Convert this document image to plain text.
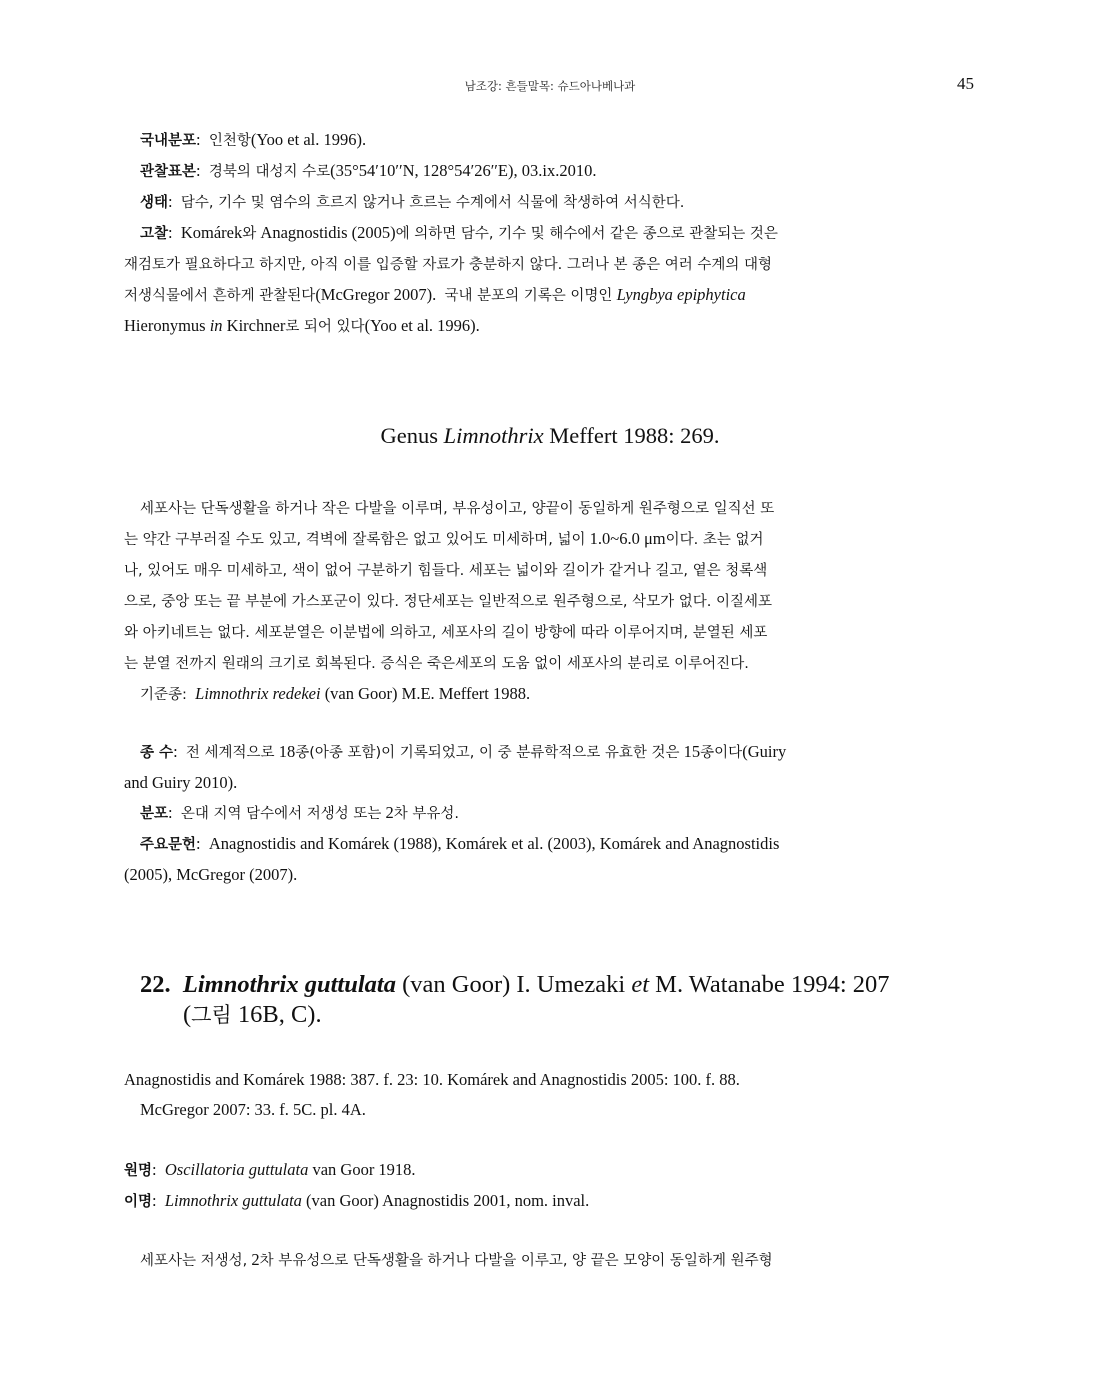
남조강: 흔들말목: 슈드아나베나과	45

국내분포:  인천항(Yoo et al. 1996).

관찰표본:  경북의 대성지 수로(35°54′10′′N, 128°54′26′′E), 03.ix.2010.

생태:  담수, 기수 및 염수의 흐르지 않거나 흐르는 수계에서 식물에 착생하여 서식한다.

고찰:  Komárek와 Anagnostidis (2005)에 의하면 담수, 기수 및 해수에서 같은 종으로 관찰되는 것은
재검토가 필요하다고 하지만, 아직 이를 입증할 자료가 충분하지 않다. 그러나 본 종은 여러 수계의 대형
저생식물에서 흔하게 관찰된다(McGregor 2007). 국내 분포의 기록은 이명인 Lyngbya epiphytica
Hieronymus in Kirchner로 되어 있다(Yoo et al. 1996).

Genus Limnothrix Meffert 1988: 269.

세포사는 단독생활을 하거나 작은 다발을 이루며, 부유성이고, 양끝이 동일하게 원주형으로 일직선 또
는 약간 구부러질 수도 있고, 격벽에 잘록함은 없고 있어도 미세하며, 넓이 1.0~6.0 μm이다. 초는 없거
나, 있어도 매우 미세하고, 색이 없어 구분하기 힘들다. 세포는 넓이와 길이가 같거나 길고, 옅은 청록색
으로, 중앙 또는 끝 부분에 가스포군이 있다. 정단세포는 일반적으로 원주형으로, 삭모가 없다. 이질세포
와 아키네트는 없다. 세포분열은 이분법에 의하고, 세포사의 길이 방향에 따라 이루어지며, 분열된 세포
는 분열 전까지 원래의 크기로 회복된다. 증식은 죽은세포의 도움 없이 세포사의 분리로 이루어진다.

기준종: Limnothrix redekei (van Goor) M.E. Meffert 1988.

종 수:  전 세계적으로 18종(아종 포함)이 기록되었고, 이 중 분류학적으로 유효한 것은 15종이다(Guiry
and Guiry 2010).

분포:  온대 지역 담수에서 저생성 또는 2차 부유성.

주요문헌:  Anagnostidis and Komárek (1988), Komárek et al. (2003), Komárek and Anagnostidis
(2005), McGregor (2007).

22. Limnothrix guttulata (van Goor) I. Umezaki et M. Watanabe 1994: 207
(그림 16B, C).

Anagnostidis and Komárek 1988: 387. f. 23: 10. Komárek and Anagnostidis 2005: 100. f. 88.
McGregor 2007: 33. f. 5C. pl. 4A.

원명:  Oscillatoria guttulata van Goor 1918.

이명:  Limnothrix guttulata (van Goor) Anagnostidis 2001, nom. inval.

세포사는 저생성, 2차 부유성으로 단독생활을 하거나 다발을 이루고, 양 끝은 모양이 동일하게 원주형
